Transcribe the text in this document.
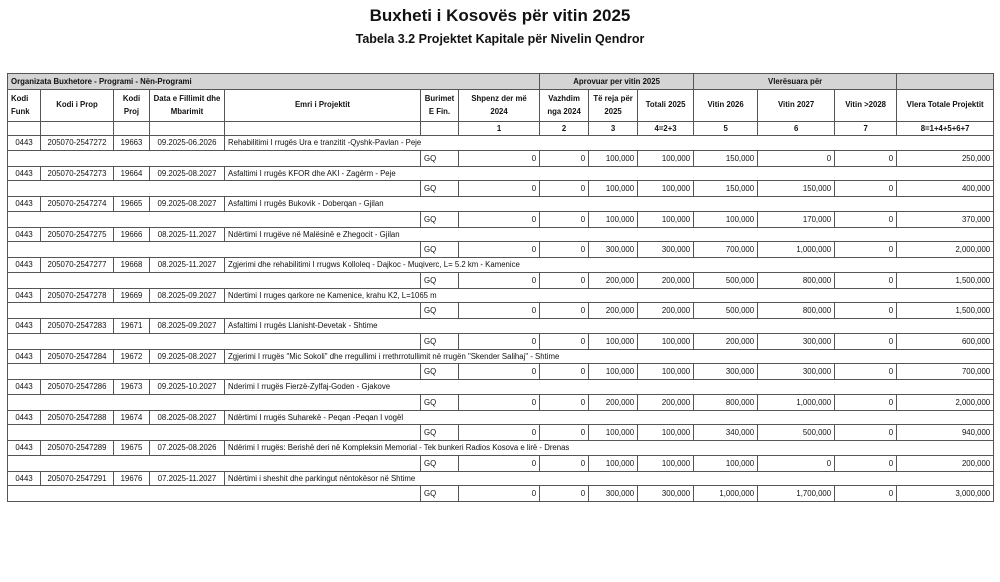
Buxheti i Kosovës për vitin 2025
Tabela 3.2 Projektet Kapitale për Nivelin Qendror
Organizata Buxhetore - Programi - Nën-Programi							Aprovuar per vitin 2025			Vlerësuara për			
Kodi Funk	Kodi i Prop	Kodi Proj	Data e Fillimit dhe Mbarimit	Emri i Projektit	Burimet E Fin.	Shpenz der më 2024	Vazhdim nga 2024	Të reja për 2025	Totali 2025	Vitin 2026	Vitin 2027	Vitin >2028	Vlera Totale Projektit
						1	2	3	4=2+3	5	6	7	8=1+4+5+6+7
0443	205070-2547272	19663	09.2025-06.2026	Rehabilitimi I rrugës Ura e tranzitit -Qyshk-Pavlan - Peje									
					GQ	0	0	100,000	100,000	150,000	0	0	250,000
0443	205070-2547273	19664	09.2025-08.2027	Asfaltimi I rrugës KFOR dhe AKI - Zagërm - Peje									
					GQ	0	0	100,000	100,000	150,000	150,000	0	400,000
0443	205070-2547274	19665	09.2025-08.2027	Asfaltimi I rrugës Bukovik - Doberqan - Gjilan									
					GQ	0	0	100,000	100,000	100,000	170,000	0	370,000
0443	205070-2547275	19666	08.2025-11.2027	Ndërtimi I rrugëve në Malësinë e Zhegocit - Gjilan									
					GQ	0	0	300,000	300,000	700,000	1,000,000	0	2,000,000
0443	205070-2547277	19668	08.2025-11.2027	Zgjerimi dhe rehabilitimi I rrugws Kolloleq - Dajkoc - Muqiverc, L= 5.2 km - Kamenice									
					GQ	0	0	200,000	200,000	500,000	800,000	0	1,500,000
0443	205070-2547278	19669	08.2025-09.2027	Ndertimi I rruges qarkore ne Kamenice, krahu K2, L=1065 m									
					GQ	0	0	200,000	200,000	500,000	800,000	0	1,500,000
0443	205070-2547283	19671	08.2025-09.2027	Asfaltimi I rrugës Llanisht-Devetak - Shtime									
					GQ	0	0	100,000	100,000	200,000	300,000	0	600,000
0443	205070-2547284	19672	09.2025-08.2027	Zgjerimi I rrugës "Mic Sokoli" dhe rregullimi i rrethrrotullimit në rrugën "Skender Salihaj" - Shtime									
					GQ	0	0	100,000	100,000	300,000	300,000	0	700,000
0443	205070-2547286	19673	09.2025-10.2027	Nderimi I rrugës Fierzë-Zylfaj-Goden - Gjakove									
					GQ	0	0	200,000	200,000	800,000	1,000,000	0	2,000,000
0443	205070-2547288	19674	08.2025-08.2027	Ndërtimi I rrugës Suharekë - Peqan -Peqan I vogël									
					GQ	0	0	100,000	100,000	340,000	500,000	0	940,000
0443	205070-2547289	19675	07.2025-08.2026	Ndërimi I rrugës: Berishë deri në Kompleksin Memorial - Tek bunkeri Radios Kosova e lirë - Drenas									
					GQ	0	0	100,000	100,000	100,000	0	0	200,000
0443	205070-2547291	19676	07.2025-11.2027	Ndërtimi i sheshit dhe parkingut nëntokësor në Shtime									
					GQ	0	0	300,000	300,000	1,000,000	1,700,000	0	3,000,000
